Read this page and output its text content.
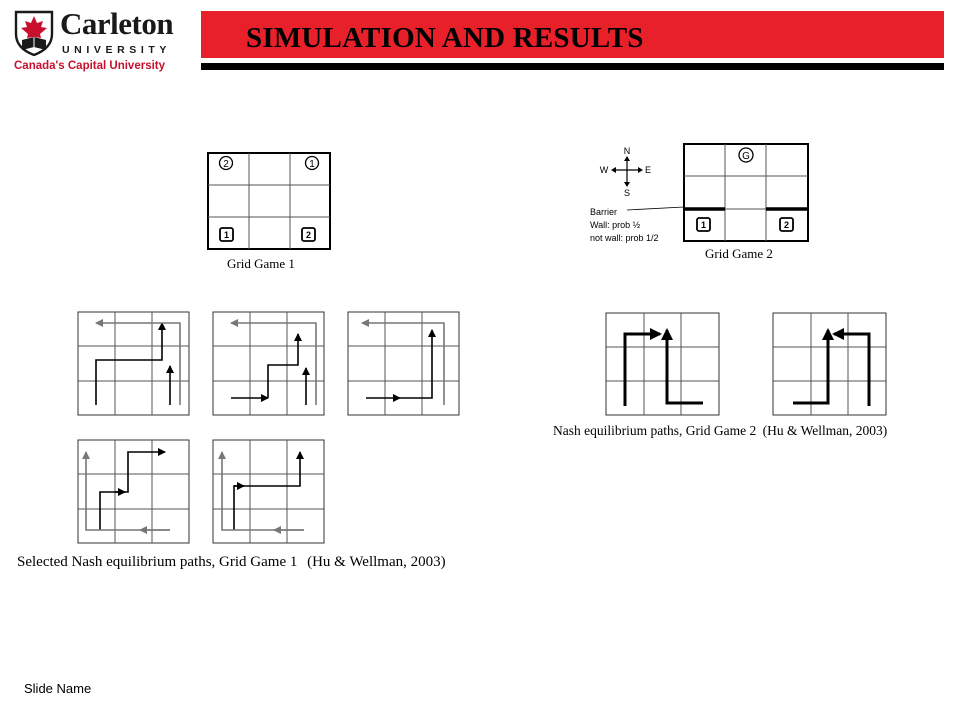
Carleton
UNIVERSITY
Canada's Capital University
SIMULATION AND RESULTS
2	1
1	2
G
1	2
N
S
W	E
Barrier
Wall: prob ½
not wall: prob 1/2
Grid Game 1
Grid Game 2
Selected Nash equilibrium paths, Grid Game 1 (Hu & Wellman, 2003)
Nash equilibrium paths, Grid Game 2 (Hu & Wellman, 2003)
Slide Name
